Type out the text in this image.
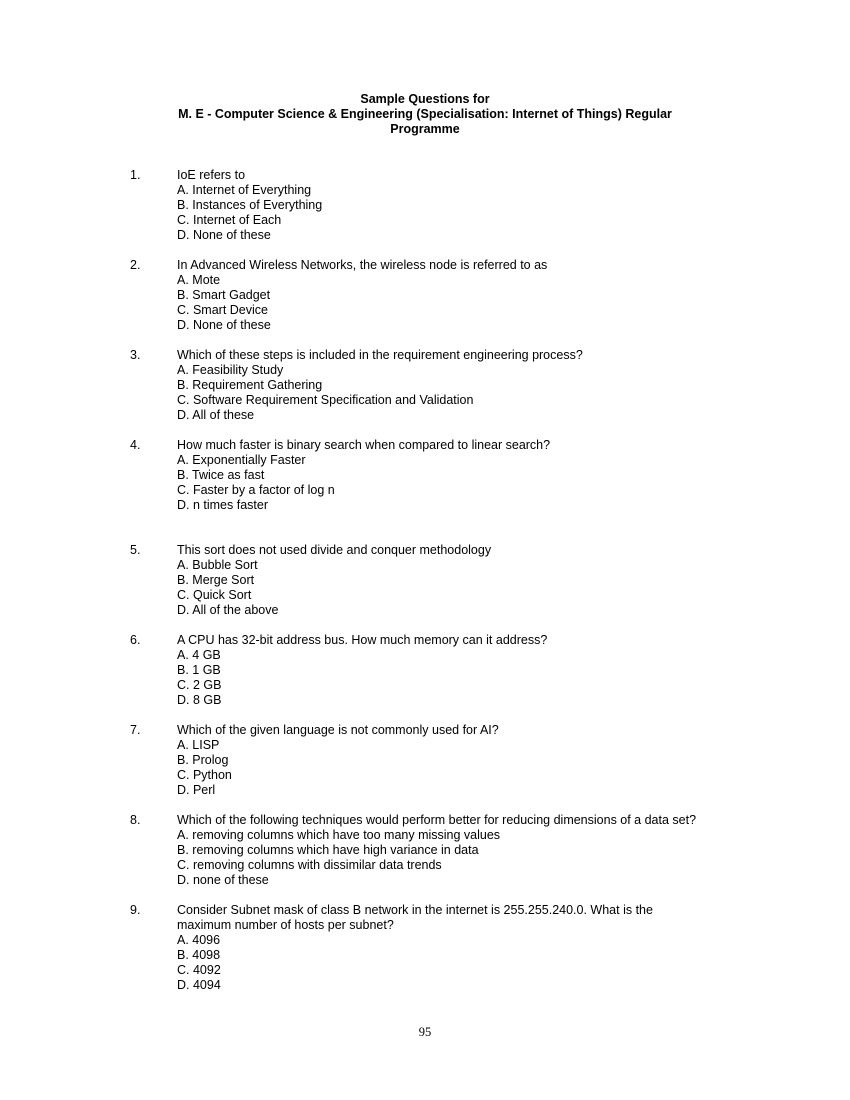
Sample Questions for
M. E - Computer Science & Engineering (Specialisation: Internet of Things) Regular
Programme
1.	IoE refers to
A. Internet of Everything
B. Instances of Everything
C. Internet of Each
D. None of these
2.	In Advanced Wireless Networks, the wireless node is referred to as
A. Mote
B. Smart Gadget
C. Smart Device
D. None of these
3.	Which of these steps is included in the requirement engineering process?
A. Feasibility Study
B. Requirement Gathering
C. Software Requirement Specification and Validation
D. All of these
4.	How much faster is binary search when compared to linear search?
A. Exponentially Faster
B. Twice as fast
C. Faster by a factor of log n
D. n times faster
5.	This sort does not used divide and conquer methodology
A. Bubble Sort
B. Merge Sort
C. Quick Sort
D. All of the above
6.	A CPU has 32-bit address bus. How much memory can it address?
A. 4 GB
B. 1 GB
C. 2 GB
D. 8 GB
7.	Which of the given language is not commonly used for AI?
A. LISP
B. Prolog
C. Python
D. Perl
8.	Which of the following techniques would perform better for reducing dimensions of a data set?
A. removing columns which have too many missing values
B. removing columns which have high variance in data
C. removing columns with dissimilar data trends
D. none of these
9.	Consider Subnet mask of class B network in the internet is 255.255.240.0. What is the maximum number of hosts per subnet?
A. 4096
B. 4098
C. 4092
D. 4094
95
